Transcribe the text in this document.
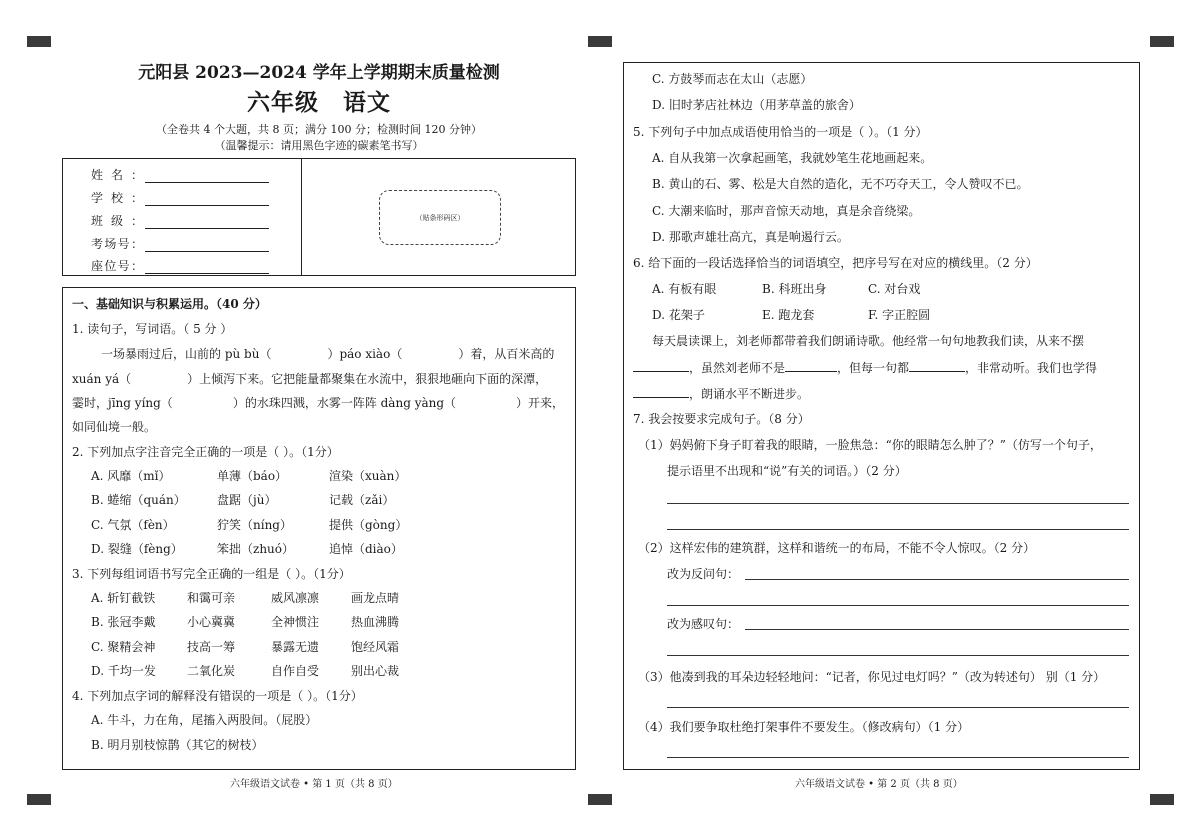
元阳县 2023—2024 学年上学期期末质量检测
六年级 语文
（全卷共 4 个大题，共 8 页；满分 100 分；检测时间 120 分钟）
（温馨提示：请用黑色字迹的碳素笔书写）
姓名：
学校：
班级：
考场号：
座位号：
（贴条形码区）
一、基础知识与积累运用。（40 分）
1. 读句子，写词语。（ 5 分 ）
一场暴雨过后，山前的 pù bù（	）páo xiào（	）着，从百米高的
xuán yá（	）上倾泻下来。它把能量都聚集在水流中，狠狠地砸向下面的深潭，
霎时，jīng yíng（	）的水珠四溅，水雾一阵阵 dàng yàng（	）开来，
如同仙境一般。
2. 下列加点字注音完全正确的一项是（ ）。（1分）
A. 风靡（mǐ）	单薄（báo）	渲染（xuàn）
B. 蜷缩（quán）	盘踞（jù）	记载（zǎi）
C. 气氛（fèn）	狞笑（níng）	提供（gòng）
D. 裂缝（fèng）	笨拙（zhuó）	追悼（diào）
3. 下列每组词语书写完全正确的一组是（ ）。（1分）
A. 斩钉截铁	和霭可亲	威风凛凛	画龙点晴
B. 张冠李戴	小心冀冀	全神惯注	热血沸腾
C. 聚精会神	技高一筹	暴露无遗	饱经风霜
D. 千均一发	二氧化炭	自作自受	别出心裁
4. 下列加点字词的解释没有错误的一项是（ ）。（1分）
A. 牛斗，力在角，尾搐入两股间。（屁股）
B. 明月别枝惊鹊（其它的树枝）
六年级语文试卷 • 第 1 页（共 8 页）
C. 方鼓琴而志在太山（志愿）
D. 旧时茅店社林边（用茅草盖的旅舍）
5. 下列句子中加点成语使用恰当的一项是（ ）。（1 分）
A. 自从我第一次拿起画笔，我就妙笔生花地画起来。
B. 黄山的石、雾、松是大自然的造化，无不巧夺天工，令人赞叹不已。
C. 大潮来临时，那声音惊天动地，真是余音绕梁。
D. 那歌声雄壮高亢，真是响遏行云。
6. 给下面的一段话选择恰当的词语填空，把序号写在对应的横线里。（2 分）
A. 有板有眼	B. 科班出身	C. 对台戏
D. 花架子	E. 跑龙套	F. 字正腔圆
每天晨读课上，刘老师都带着我们朗诵诗歌。他经常一句句地教我们读，从来不摆
，虽然刘老师不是	，但每一句都	，非常动听。我们也学得
，朗诵水平不断进步。
7. 我会按要求完成句子。（8 分）
（1）妈妈俯下身子盯着我的眼睛，一脸焦急：“你的眼睛怎么肿了？”（仿写一个句子，
提示语里不出现和“说”有关的词语。）（2 分）
（2）这样宏伟的建筑群，这样和谐统一的布局，不能不令人惊叹。（2 分）
改为反问句：
改为感叹句：
（3）他凑到我的耳朵边轻轻地问：“记者，你见过电灯吗？”（改为转述句） 别（1 分）
（4）我们要争取杜绝打架事件不要发生。（修改病句）（1 分）
六年级语文试卷 • 第 2 页（共 8 页）
